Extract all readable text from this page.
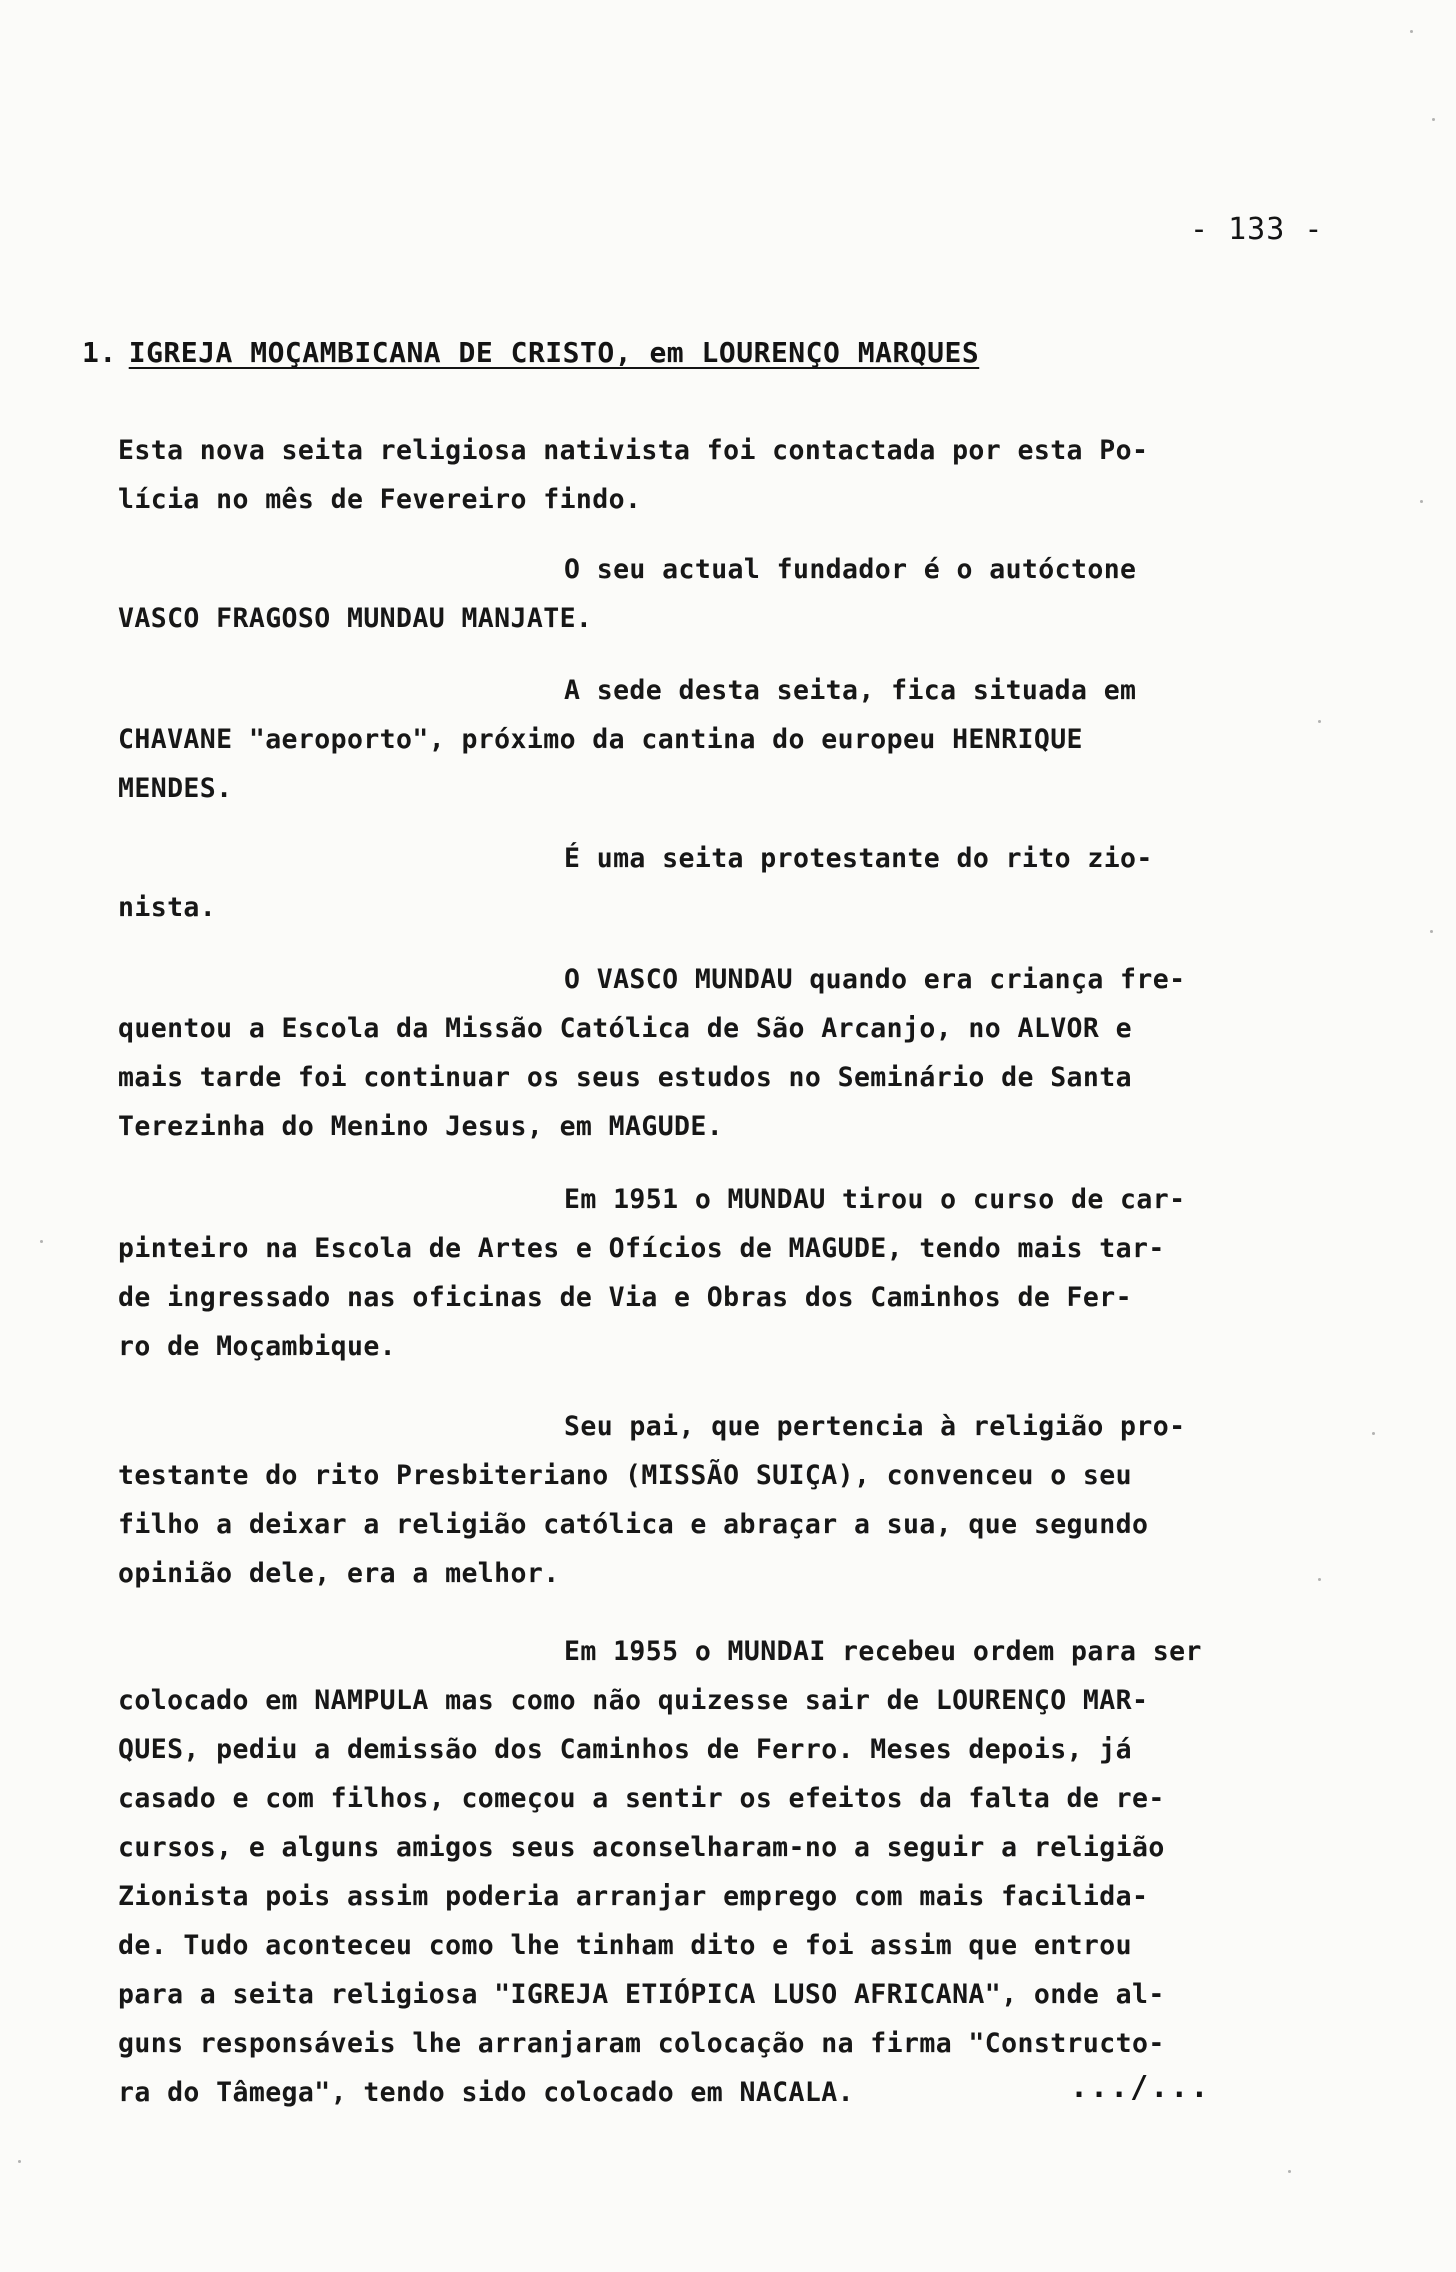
- 133 -
1. IGREJA MOÇAMBICANA DE CRISTO, em LOURENÇO MARQUES
Esta nova seita religiosa nativista foi contactada por esta Po-
lícia no mês de Fevereiro findo.
O seu actual fundador é o autóctone
VASCO FRAGOSO MUNDAU MANJATE.
A sede desta seita, fica situada em
CHAVANE "aeroporto", próximo da cantina do europeu HENRIQUE
MENDES.
É uma seita protestante do rito zio-
nista.
O VASCO MUNDAU quando era criança fre-
quentou a Escola da Missão Católica de São Arcanjo, no ALVOR e
mais tarde foi continuar os seus estudos no Seminário de Santa
Terezinha do Menino Jesus, em MAGUDE.
Em 1951 o MUNDAU tirou o curso de car-
pinteiro na Escola de Artes e Ofícios de MAGUDE, tendo mais tar-
de ingressado nas oficinas de Via e Obras dos Caminhos de Fer-
ro de Moçambique.
Seu pai, que pertencia à religião pro-
testante do rito Presbiteriano (MISSÃO SUIÇA), convenceu o seu
filho a deixar a religião católica e abraçar a sua, que segundo
opinião dele, era a melhor.
Em 1955 o MUNDAI recebeu ordem para ser
colocado em NAMPULA mas como não quizesse sair de LOURENÇO MAR-
QUES, pediu a demissão dos Caminhos de Ferro. Meses depois, já
casado e com filhos, começou a sentir os efeitos da falta de re-
cursos, e alguns amigos seus aconselharam-no a seguir a religião
Zionista pois assim poderia arranjar emprego com mais facilida-
de. Tudo aconteceu como lhe tinham dito e foi assim que entrou
para a seita religiosa "IGREJA ETIÓPICA LUSO AFRICANA", onde al-
guns responsáveis lhe arranjaram colocação na firma "Constructo-
ra do Tâmega", tendo sido colocado em NACALA.	.../...
